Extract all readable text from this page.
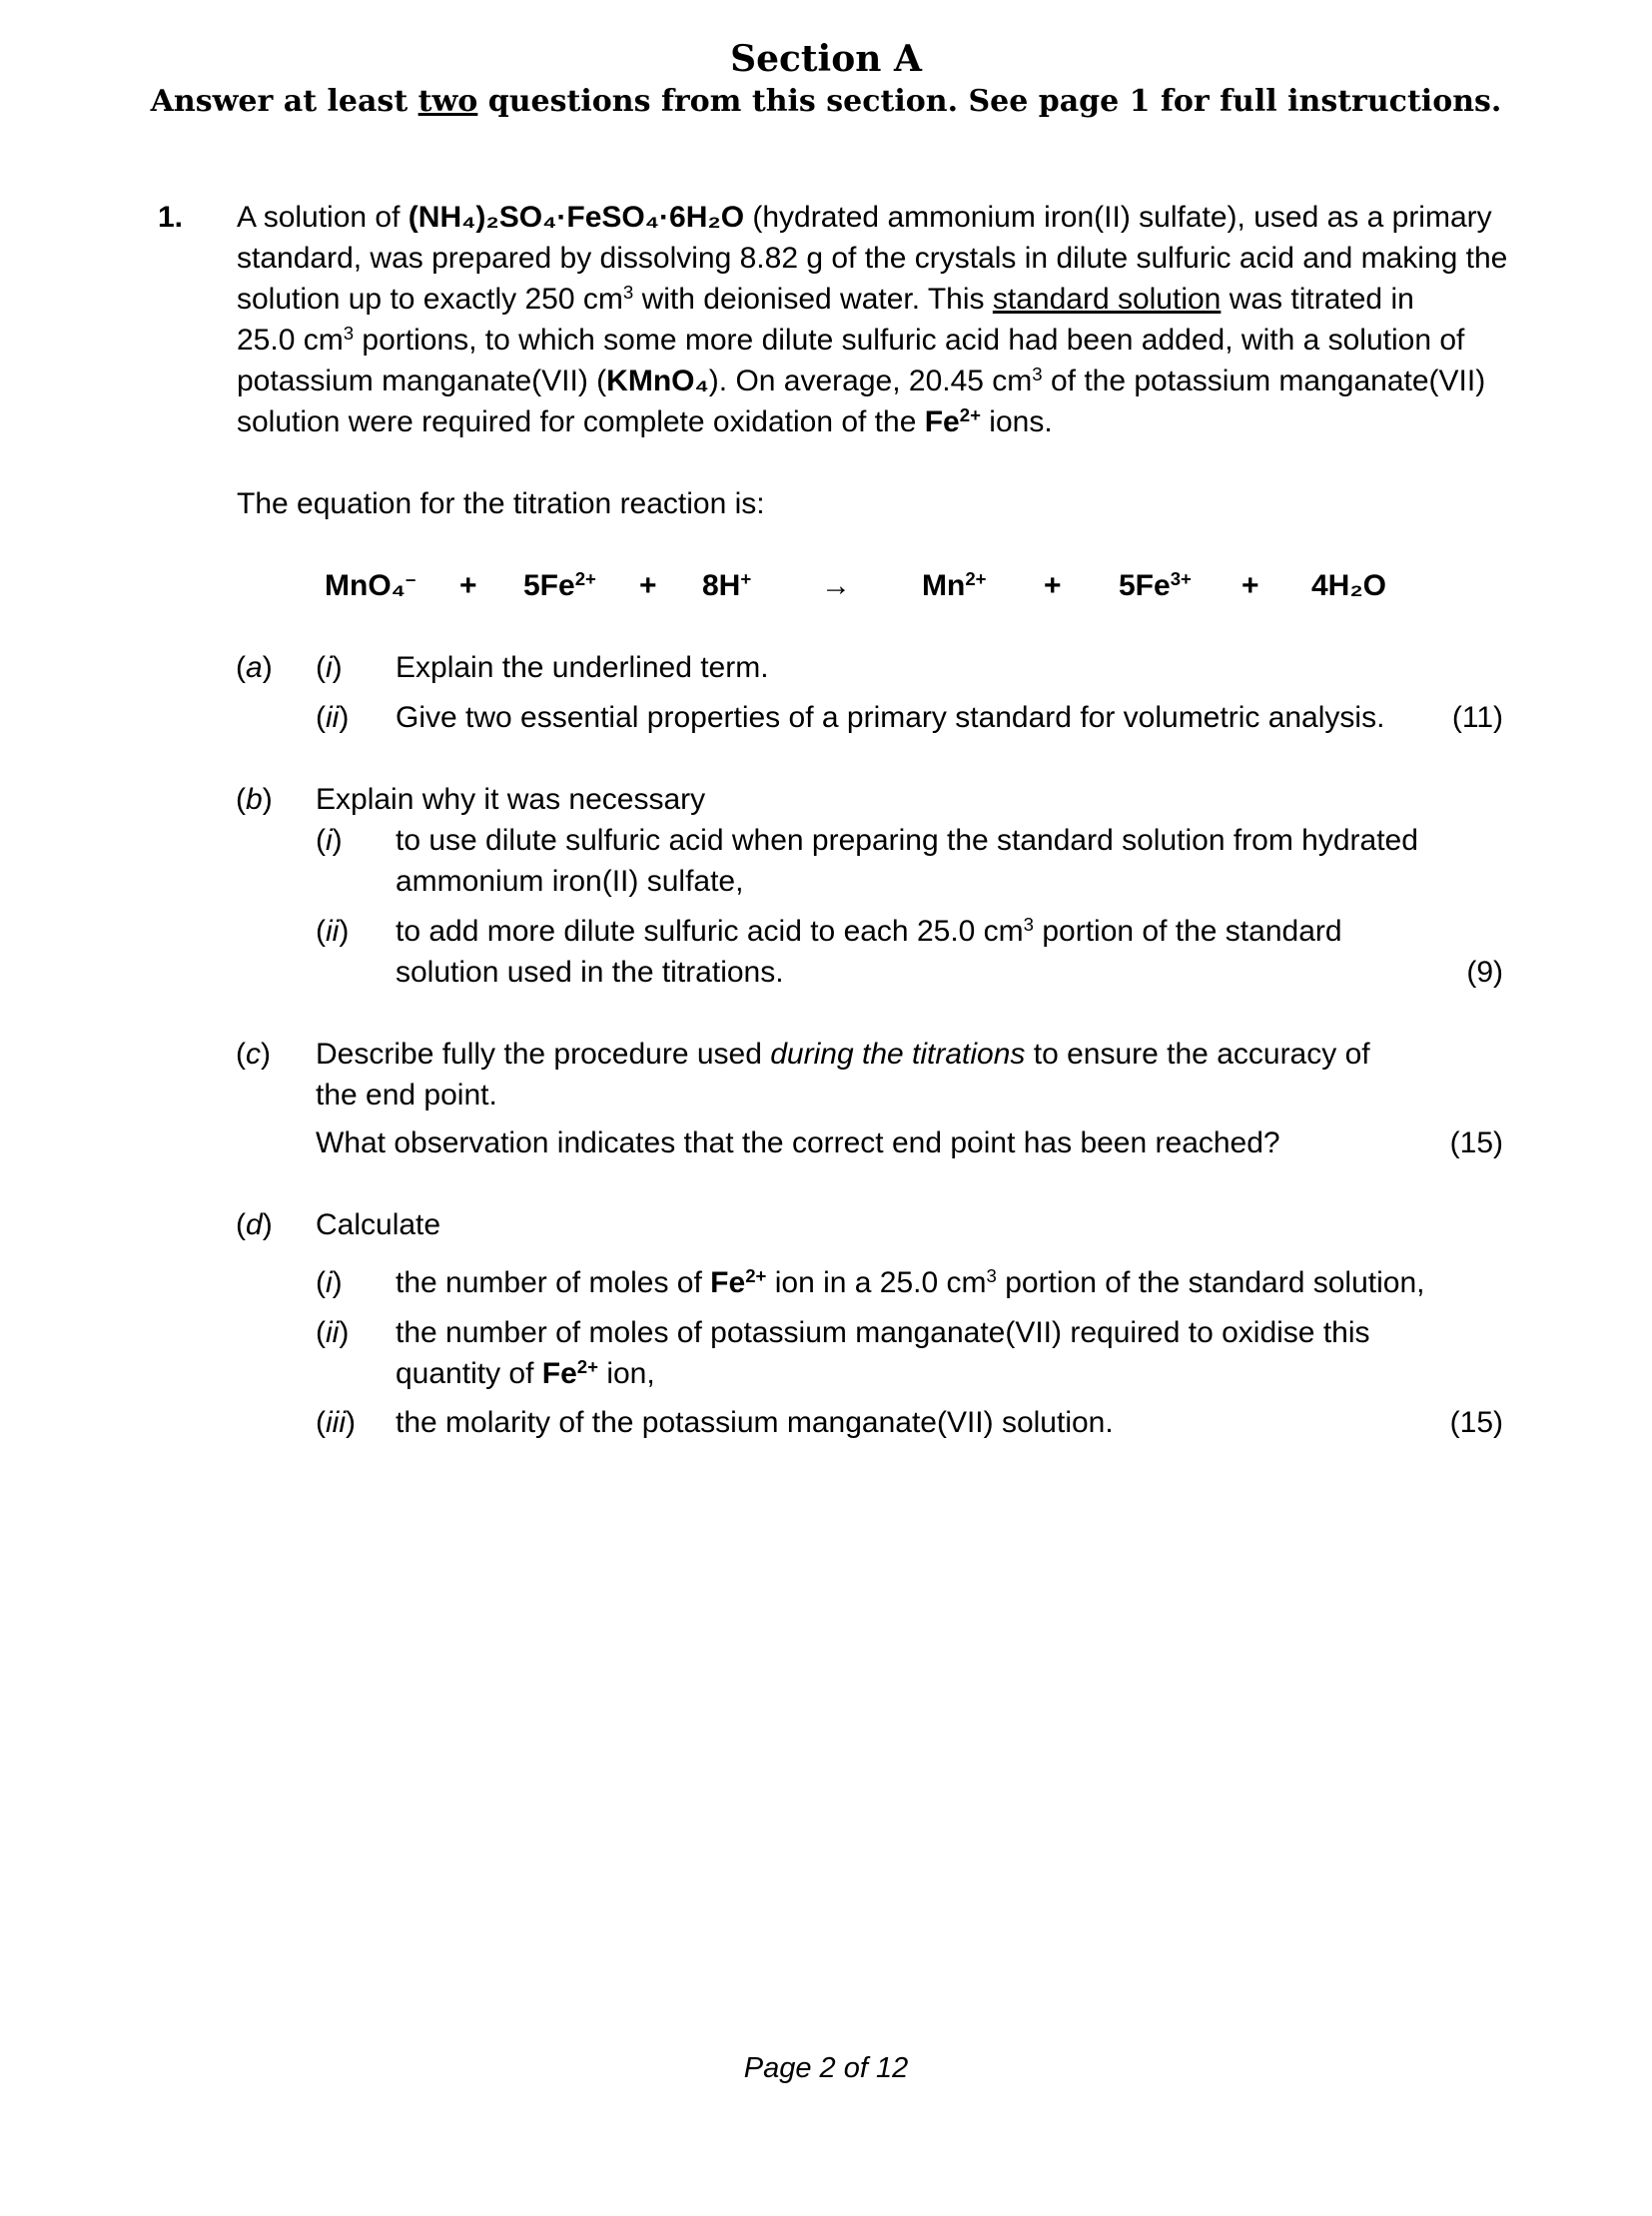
Section A
Answer at least two questions from this section. See page 1 for full instructions.
1. A solution of (NH₄)₂SO₄·FeSO₄·6H₂O (hydrated ammonium iron(II) sulfate), used as a primary
standard, was prepared by dissolving 8.82 g of the crystals in dilute sulfuric acid and making the
solution up to exactly 250 $cm^3$ with deionised water. This standard solution was titrated in
25.0 $cm^3$ portions, to which some more dilute sulfuric acid had been added, with a solution of
potassium manganate(VII) (KMnO₄). On average, 20.45 $cm^3$ of the potassium manganate(VII)
solution were required for complete oxidation of the $Fe^{2+}$ ions.
The equation for the titration reaction is:
$MnO_4^- + 5Fe^{2+} + 8H^+ \to Mn^{2+} + 5Fe^{3+} + 4H_2O$
(a) (i) Explain the underlined term.
(ii) Give two essential properties of a primary standard for volumetric analysis.	(11)
(b) Explain why it was necessary
(i) to use dilute sulfuric acid when preparing the standard solution from hydrated
ammonium iron(II) sulfate,
(ii) to add more dilute sulfuric acid to each 25.0 $cm^3$ portion of the standard
solution used in the titrations.	(9)
(c) Describe fully the procedure used during the titrations to ensure the accuracy of
the end point.
What observation indicates that the correct end point has been reached?	(15)
(d) Calculate
(i) the number of moles of $Fe^{2+}$ ion in a 25.0 $cm^3$ portion of the standard solution,
(ii) the number of moles of potassium manganate(VII) required to oxidise this
quantity of $Fe^{2+}$ ion,
(iii) the molarity of the potassium manganate(VII) solution.	(15)
Page 2 of 12
